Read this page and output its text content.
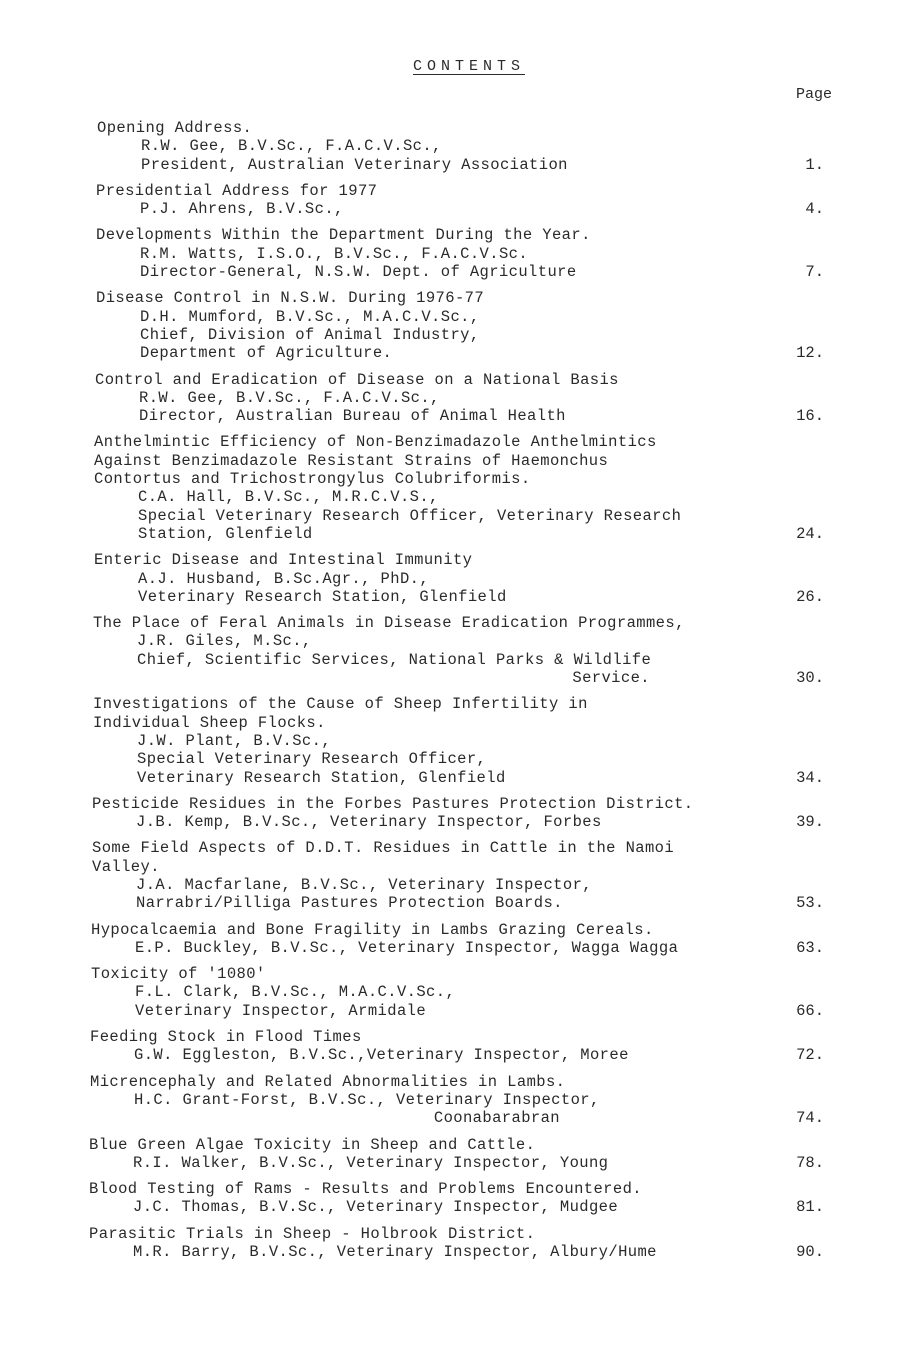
CONTENTS
Page
Opening Address.
R.W. Gee, B.V.Sc., F.A.C.V.Sc.,
President, Australian Veterinary Association	1.
Presidential Address for 1977
P.J. Ahrens, B.V.Sc.,	4.
Developments Within the Department During the Year.
R.M. Watts, I.S.O., B.V.Sc., F.A.C.V.Sc.
Director-General, N.S.W. Dept. of Agriculture	7.
Disease Control in N.S.W. During 1976-77
D.H. Mumford, B.V.Sc., M.A.C.V.Sc.,
Chief, Division of Animal Industry,
Department of Agriculture.	12.
Control and Eradication of Disease on a National Basis
R.W. Gee, B.V.Sc., F.A.C.V.Sc.,
Director, Australian Bureau of Animal Health	16.
Anthelmintic Efficiency of Non-Benzimadazole Anthelmintics
Against Benzimadazole Resistant Strains of Haemonchus
Contortus and Trichostrongylus Colubriformis.
C.A. Hall, B.V.Sc., M.R.C.V.S.,
Special Veterinary Research Officer, Veterinary Research
Station, Glenfield	24.
Enteric Disease and Intestinal Immunity
A.J. Husband, B.Sc.Agr., PhD.,
Veterinary Research Station, Glenfield	26.
The Place of Feral Animals in Disease Eradication Programmes,
J.R. Giles, M.Sc.,
Chief, Scientific Services, National Parks & Wildlife
Service.	30.
Investigations of the Cause of Sheep Infertility in
Individual Sheep Flocks.
J.W. Plant, B.V.Sc.,
Special Veterinary Research Officer,
Veterinary Research Station, Glenfield	34.
Pesticide Residues in the Forbes Pastures Protection District.
J.B. Kemp, B.V.Sc., Veterinary Inspector, Forbes	39.
Some Field Aspects of D.D.T. Residues in Cattle in the Namoi
Valley.
J.A. Macfarlane, B.V.Sc., Veterinary Inspector,
Narrabri/Pilliga Pastures Protection Boards.	53.
Hypocalcaemia and Bone Fragility in Lambs Grazing Cereals.
E.P. Buckley, B.V.Sc., Veterinary Inspector, Wagga Wagga	63.
Toxicity of '1080'
F.L. Clark, B.V.Sc., M.A.C.V.Sc.,
Veterinary Inspector, Armidale	66.
Feeding Stock in Flood Times
G.W. Eggleston, B.V.Sc.,Veterinary Inspector, Moree	72.
Micrencephaly and Related Abnormalities in Lambs.
H.C. Grant-Forst, B.V.Sc., Veterinary Inspector,
Coonabarabran	74.
Blue Green Algae Toxicity in Sheep and Cattle.
R.I. Walker, B.V.Sc., Veterinary Inspector, Young	78.
Blood Testing of Rams - Results and Problems Encountered.
J.C. Thomas, B.V.Sc., Veterinary Inspector, Mudgee	81.
Parasitic Trials in Sheep - Holbrook District.
M.R. Barry, B.V.Sc., Veterinary Inspector, Albury/Hume	90.
